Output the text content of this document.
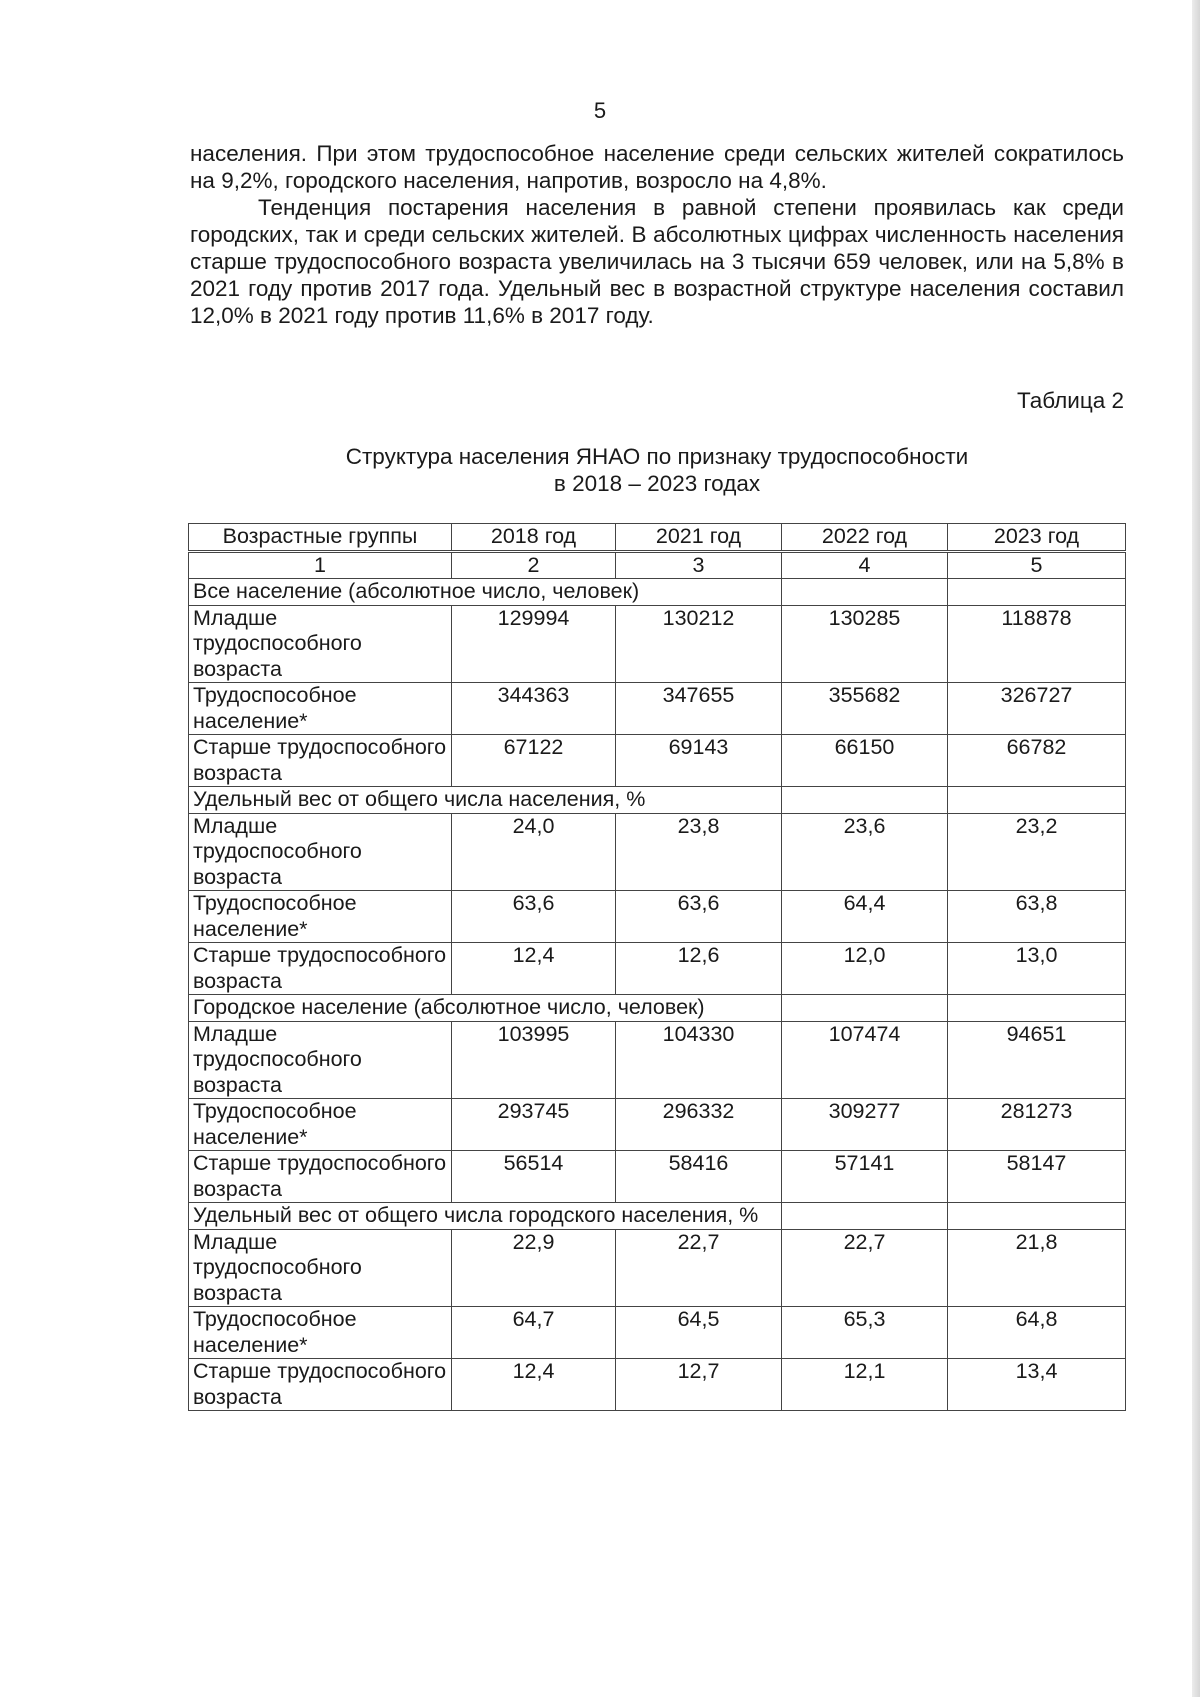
5

населения. При этом трудоспособное население среди сельских жителей сократилось на 9,2%, городского населения, напротив, возросло на 4,8%.

Тенденция постарения населения в равной степени проявилась как среди городских, так и среди сельских жителей. В абсолютных цифрах численность населения старше трудоспособного возраста увеличилась на 3 тысячи 659 человек, или на 5,8% в 2021 году против 2017 года. Удельный вес в возрастной структуре населения составил 12,0% в 2021 году против 11,6% в 2017 году.

Таблица 2
Структура населения ЯНАО по признаку трудоспособности
в 2018 – 2023 годах
Возрастные группы	2018 год	2021 год	2022 год	2023 год
1	2	3	4	5
Все население (абсолютное число, человек)				
Младше трудоспособного возраста	129994	130212	130285	118878
Трудоспособное население*	344363	347655	355682	326727
Старше трудоспособного возраста	67122	69143	66150	66782
Удельный вес от общего числа населения, %				
Младше трудоспособного возраста	24,0	23,8	23,6	23,2
Трудоспособное население*	63,6	63,6	64,4	63,8
Старше трудоспособного возраста	12,4	12,6	12,0	13,0
Городское население (абсолютное число, человек)				
Младше трудоспособного возраста	103995	104330	107474	94651
Трудоспособное население*	293745	296332	309277	281273
Старше трудоспособного возраста	56514	58416	57141	58147
Удельный вес от общего числа городского населения, %				
Младше трудоспособного возраста	22,9	22,7	22,7	21,8
Трудоспособное население*	64,7	64,5	65,3	64,8
Старше трудоспособного возраста	12,4	12,7	12,1	13,4
